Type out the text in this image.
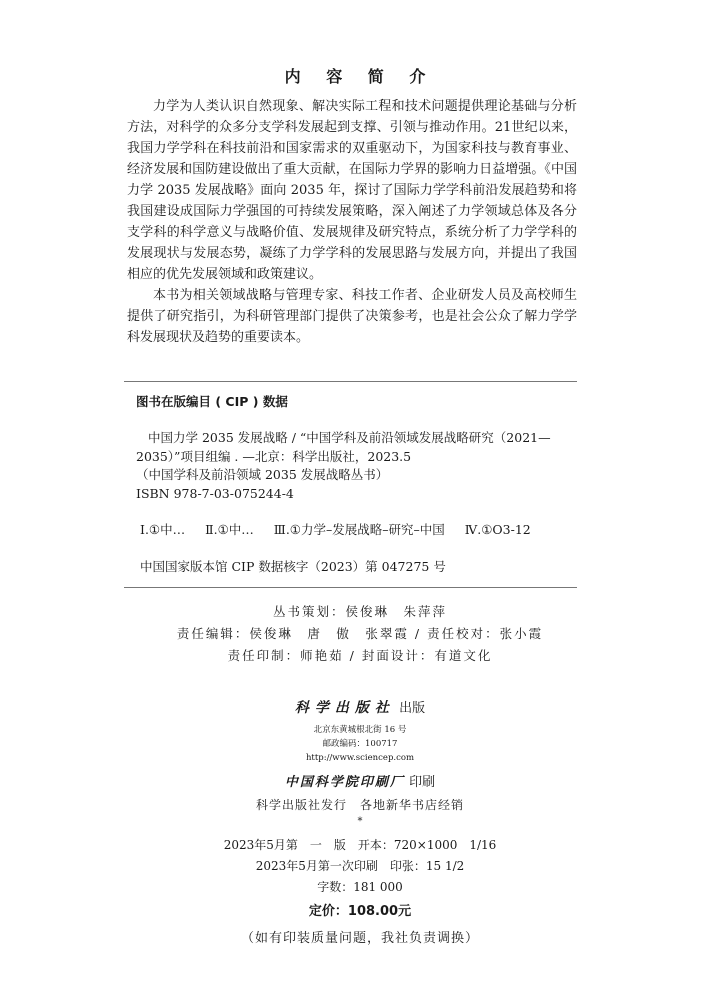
内 容 简 介

力学为人类认识自然现象、解决实际工程和技术问题提供理论基础与分析方法，对科学的众多分支学科发展起到支撑、引领与推动作用。21世纪以来，我国力学学科在科技前沿和国家需求的双重驱动下，为国家科技与教育事业、经济发展和国防建设做出了重大贡献，在国际力学界的影响力日益增强。《中国力学 2035 发展战略》面向 2035 年，探讨了国际力学学科前沿发展趋势和将我国建设成国际力学强国的可持续发展策略，深入阐述了力学领域总体及各分支学科的科学意义与战略价值、发展规律及研究特点，系统分析了力学学科的发展现状与发展态势，凝练了力学学科的发展思路与发展方向，并提出了我国相应的优先发展领域和政策建议。

本书为相关领域战略与管理专家、科技工作者、企业研发人员及高校师生提供了研究指引，为科研管理部门提供了决策参考，也是社会公众了解力学学科发展现状及趋势的重要读本。

图书在版编目 ( CIP ) 数据
中国力学 2035 发展战略 / “中国学科及前沿领域发展战略研究（2021—
2035）”项目组编 . —北京：科学出版社，2023.5
（中国学科及前沿领域 2035 发展战略丛书）
ISBN 978-7-03-075244-4
Ⅰ.①中… Ⅱ.①中… Ⅲ.①力学–发展战略–研究–中国 Ⅳ.①O3-12
中国国家版本馆 CIP 数据核字（2023）第 047275 号
丛书策划：侯俊琳　朱萍萍
责任编辑：侯俊琳　唐　傲　张翠霞 / 责任校对：张小霞
责任印制：师艳茹 / 封面设计：有道文化
科学出版社 出版
北京东黄城根北街 16 号
邮政编码：100717
http://www.sciencep.com
中国科学院印刷厂 印刷
科学出版社发行　各地新华书店经销
*
2023年5月第　一　版　开本：720×1000　1/16
2023年5月第一次印刷　印张：15 1/2
字数：181 000
定价：108.00元
（如有印装质量问题，我社负责调换）
